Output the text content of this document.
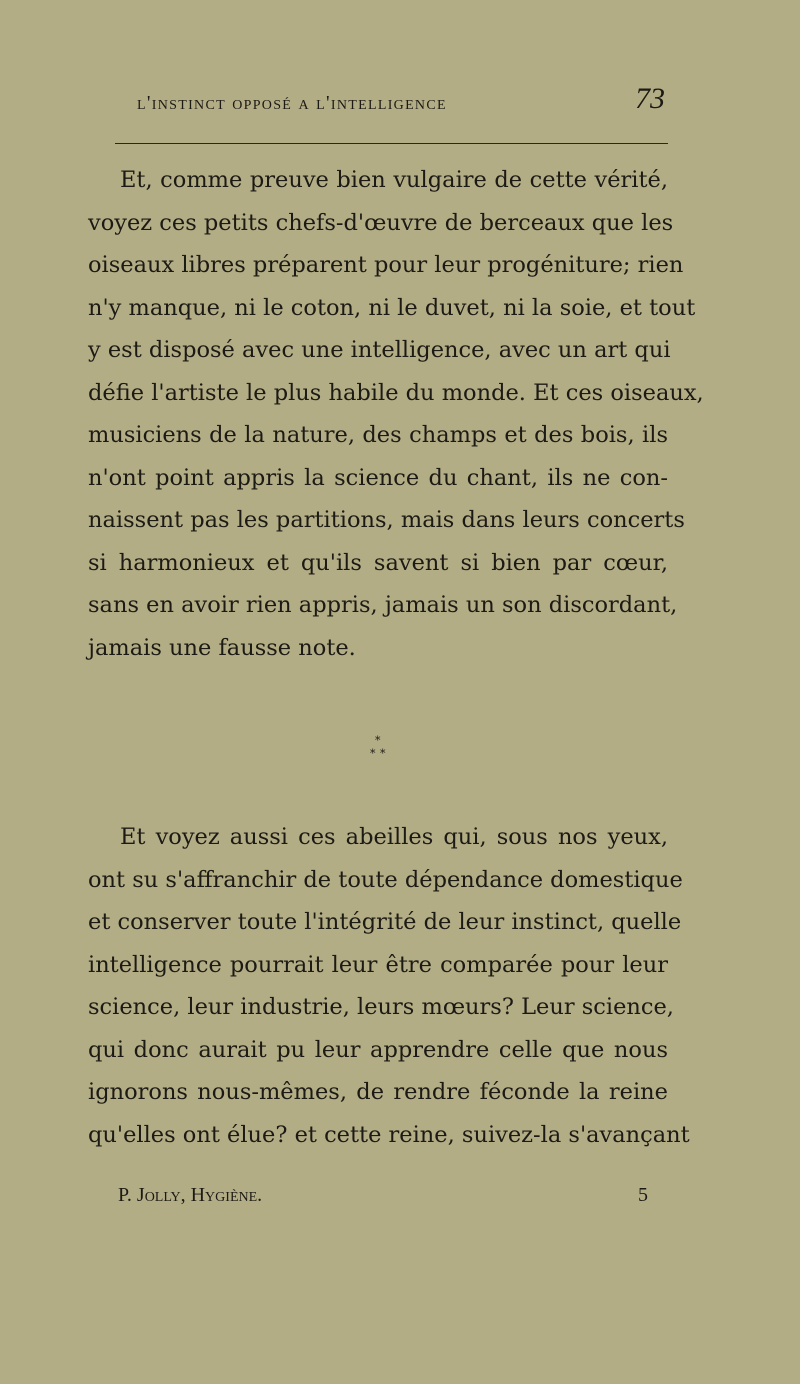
l'instinct opposé a l'intelligence	73
Et, comme preuve bien vulgaire de cette vérité,
voyez ces petits chefs-d'œuvre de berceaux que les
oiseaux libres préparent pour leur progéniture; rien
n'y manque, ni le coton, ni le duvet, ni la soie, et tout
y est disposé avec une intelligence, avec un art qui
défie l'artiste le plus habile du monde. Et ces oiseaux,
musiciens de la nature, des champs et des bois, ils
n'ont point appris la science du chant, ils ne con-
naissent pas les partitions, mais dans leurs concerts
si harmonieux et qu'ils savent si bien par cœur,
sans en avoir rien appris, jamais un son discordant,
jamais une fausse note.
*
* *
Et voyez aussi ces abeilles qui, sous nos yeux,
ont su s'affranchir de toute dépendance domestique
et conserver toute l'intégrité de leur instinct, quelle
intelligence pourrait leur être comparée pour leur
science, leur industrie, leurs mœurs? Leur science,
qui donc aurait pu leur apprendre celle que nous
ignorons nous-mêmes, de rendre féconde la reine
qu'elles ont élue? et cette reine, suivez-la s'avançant
P. Jolly, Hygiène.	5
